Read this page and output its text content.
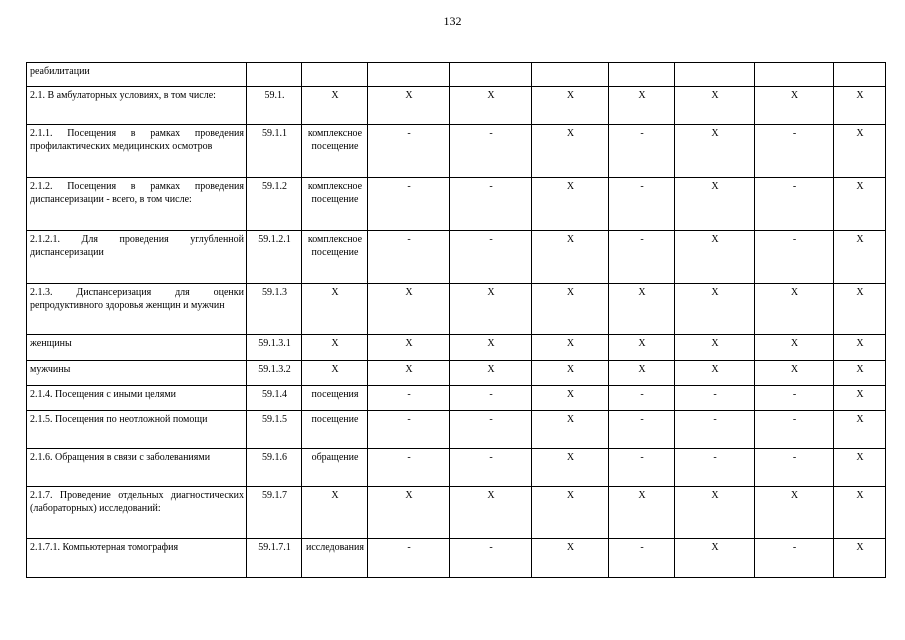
132
реабилитации									
2.1. В амбулаторных условиях, в том числе:	59.1.	X	X	X	X	X	X	X	X
2.1.1. Посещения в рамках проведения профилактических медицинских осмотров	59.1.1	комплексное посещение	-	-	X	-	X	-	X
2.1.2. Посещения в рамках проведения диспансеризации - всего, в том числе:	59.1.2	комплексное посещение	-	-	X	-	X	-	X
2.1.2.1. Для проведения углубленной диспансеризации	59.1.2.1	комплексное посещение	-	-	X	-	X	-	X
2.1.3. Диспансеризация для оценки репродуктивного здоровья женщин и мужчин	59.1.3	X	X	X	X	X	X	X	X
женщины	59.1.3.1	X	X	X	X	X	X	X	X
мужчины	59.1.3.2	X	X	X	X	X	X	X	X
2.1.4. Посещения с иными целями	59.1.4	посещения	-	-	X	-	-	-	X
2.1.5. Посещения по неотложной помощи	59.1.5	посещение	-	-	X	-	-	-	X
2.1.6. Обращения в связи с заболеваниями	59.1.6	обращение	-	-	X	-	-	-	X
2.1.7. Проведение отдельных диагностических (лабораторных) исследований:	59.1.7	X	X	X	X	X	X	X	X
2.1.7.1. Компьютерная томография	59.1.7.1	исследования	-	-	X	-	X	-	X
